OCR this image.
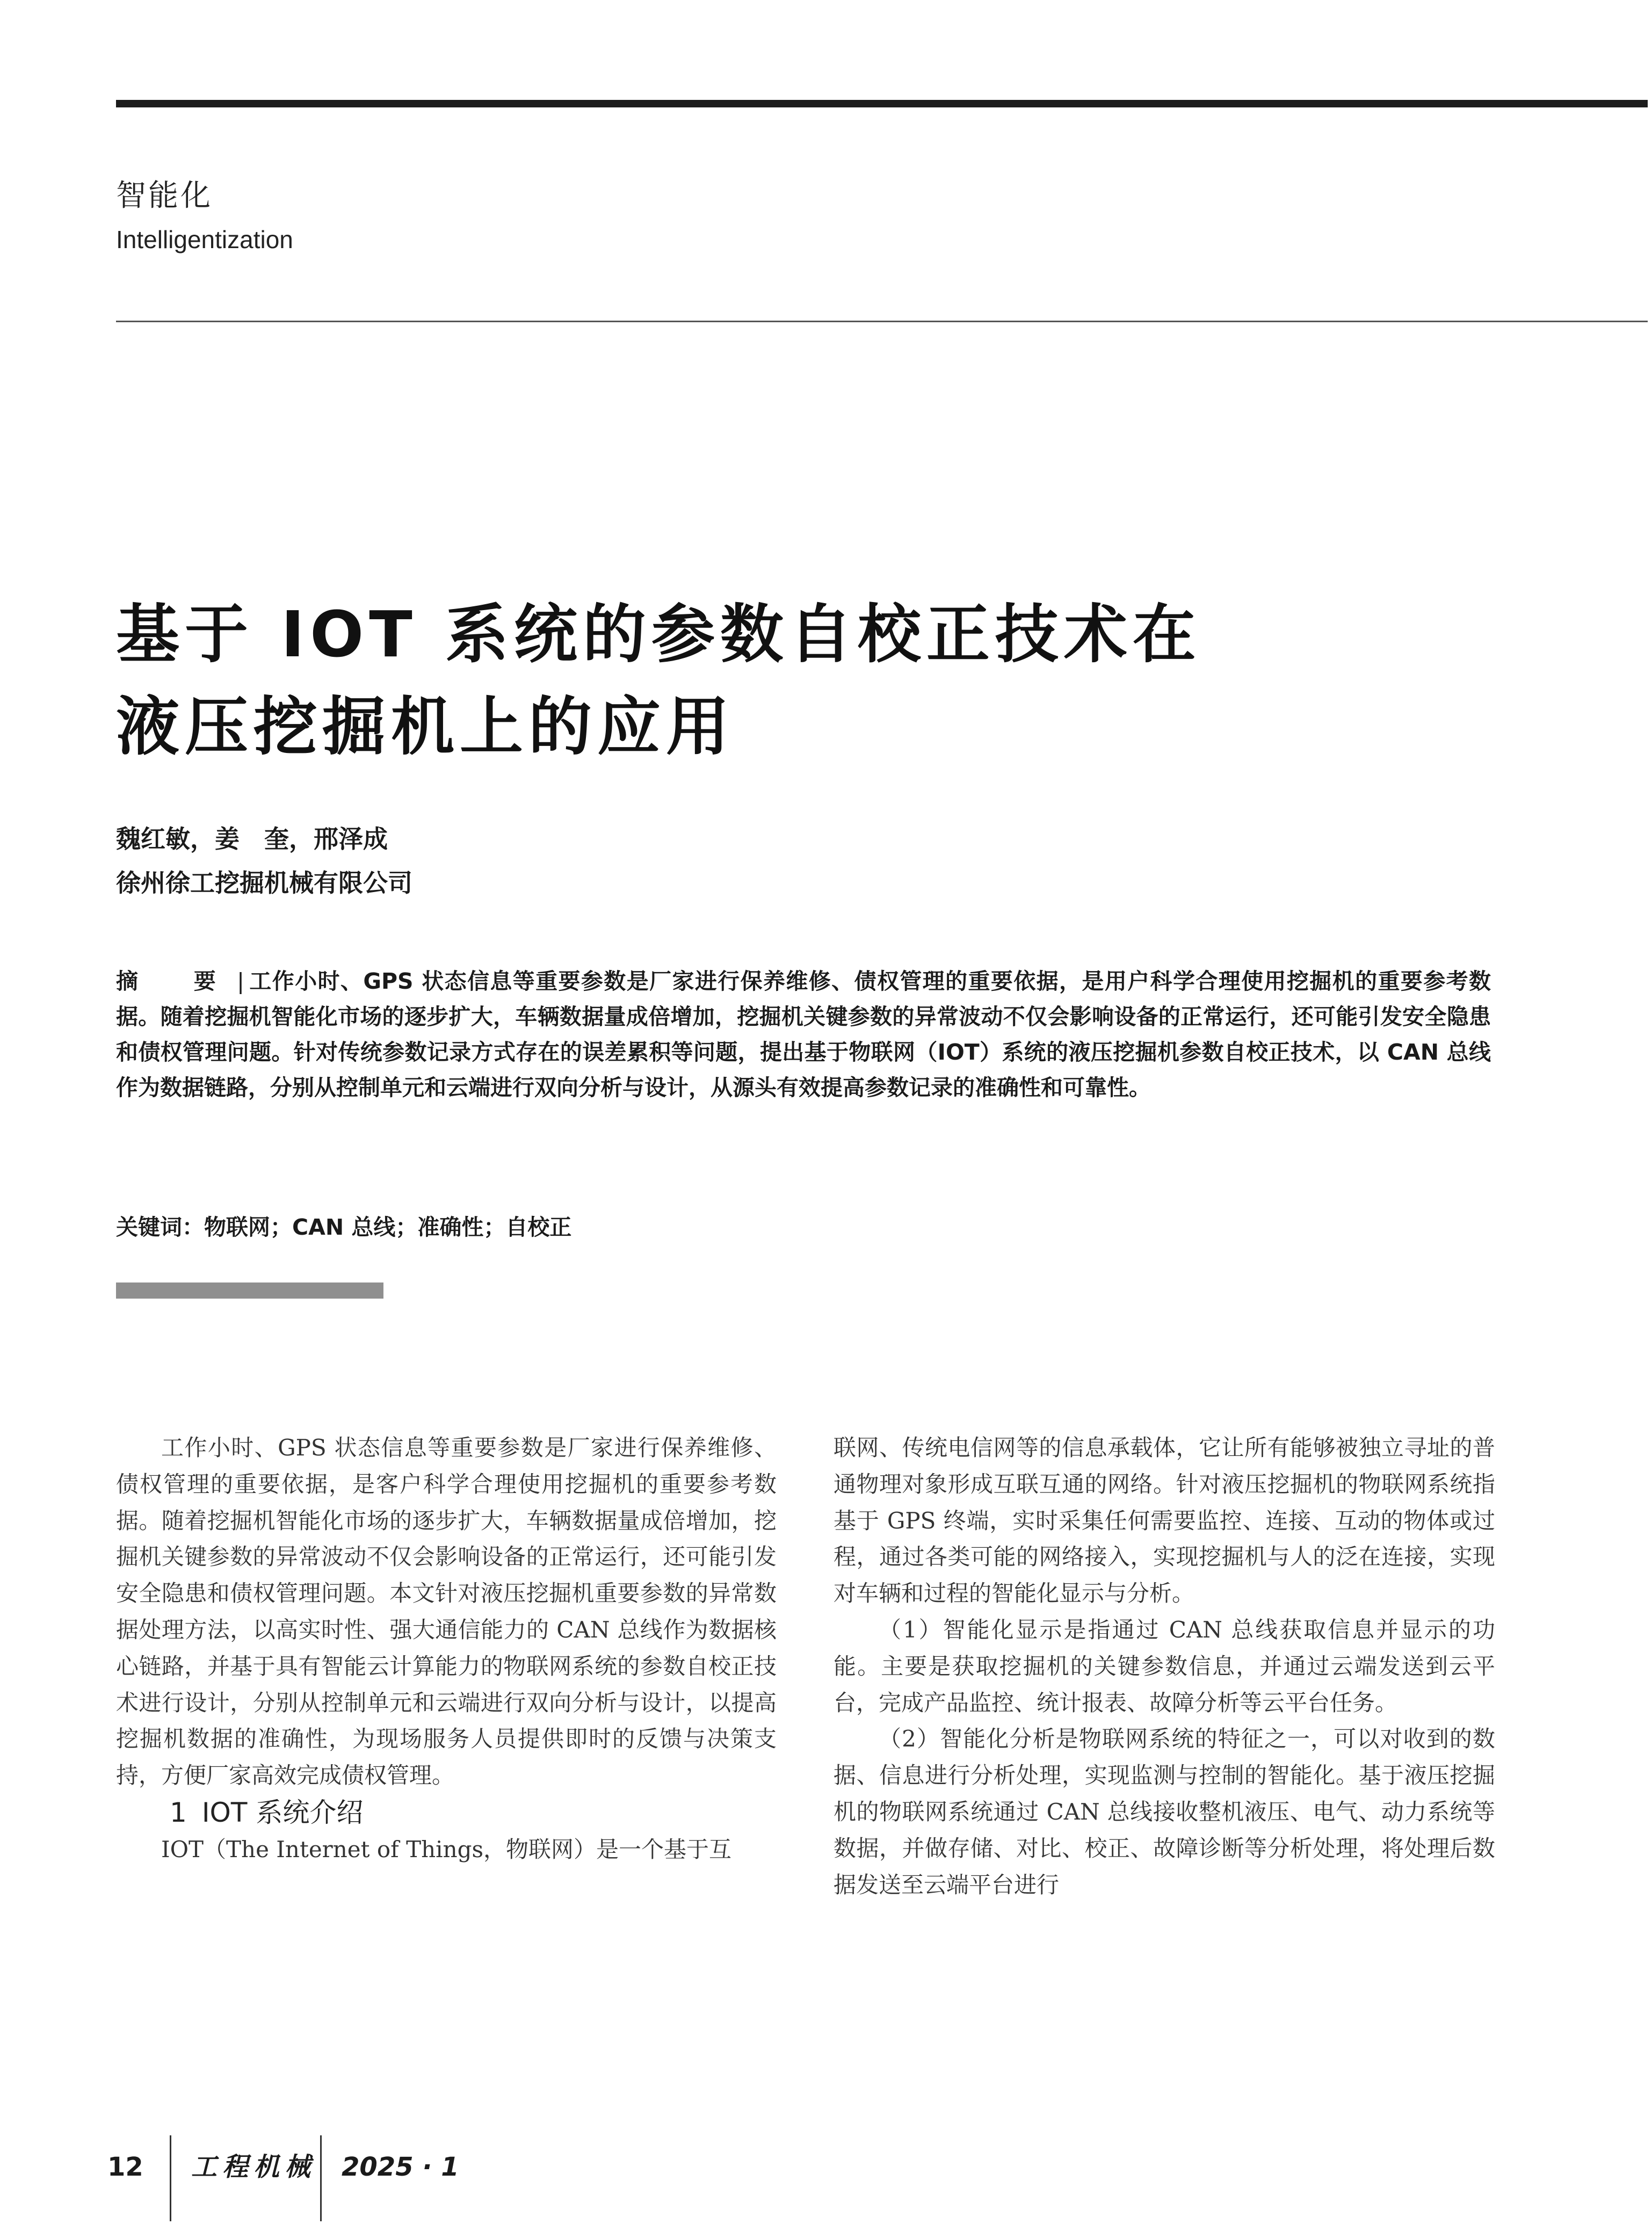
智能化
Intelligentization
基于 IOT 系统的参数自校正技术在
液压挖掘机上的应用
魏红敏，姜　奎，邢泽成
徐州徐工挖掘机械有限公司
摘　要 | 工作小时、GPS 状态信息等重要参数是厂家进行保养维修、债权管理的重要依据，是用户科学合理使用挖掘机的重要参考数据。随着挖掘机智能化市场的逐步扩大，车辆数据量成倍增加，挖掘机关键参数的异常波动不仅会影响设备的正常运行，还可能引发安全隐患和债权管理问题。针对传统参数记录方式存在的误差累积等问题，提出基于物联网（IOT）系统的液压挖掘机参数自校正技术，以 CAN 总线作为数据链路，分别从控制单元和云端进行双向分析与设计，从源头有效提高参数记录的准确性和可靠性。
关键词：物联网；CAN 总线；准确性；自校正

工作小时、GPS 状态信息等重要参数是厂家进行保养维修、债权管理的重要依据，是客户科学合理使用挖掘机的重要参考数据。随着挖掘机智能化市场的逐步扩大，车辆数据量成倍增加，挖掘机关键参数的异常波动不仅会影响设备的正常运行，还可能引发安全隐患和债权管理问题。本文针对液压挖掘机重要参数的异常数据处理方法，以高实时性、强大通信能力的 CAN 总线作为数据核心链路，并基于具有智能云计算能力的物联网系统的参数自校正技术进行设计，分别从控制单元和云端进行双向分析与设计，以提高挖掘机数据的准确性，为现场服务人员提供即时的反馈与决策支持，方便厂家高效完成债权管理。

1 IOT 系统介绍

IOT（The Internet of Things，物联网）是一个基于互

联网、传统电信网等的信息承载体，它让所有能够被独立寻址的普通物理对象形成互联互通的网络。针对液压挖掘机的物联网系统指基于 GPS 终端，实时采集任何需要监控、连接、互动的物体或过程，通过各类可能的网络接入，实现挖掘机与人的泛在连接，实现对车辆和过程的智能化显示与分析。

（1）智能化显示是指通过 CAN 总线获取信息并显示的功能。主要是获取挖掘机的关键参数信息，并通过云端发送到云平台，完成产品监控、统计报表、故障分析等云平台任务。

（2）智能化分析是物联网系统的特征之一，可以对收到的数据、信息进行分析处理，实现监测与控制的智能化。基于液压挖掘机的物联网系统通过 CAN 总线接收整机液压、电气、动力系统等数据，并做存储、对比、校正、故障诊断等分析处理，将处理后数据发送至云端平台进行

12 工程机械 2025 · 1
